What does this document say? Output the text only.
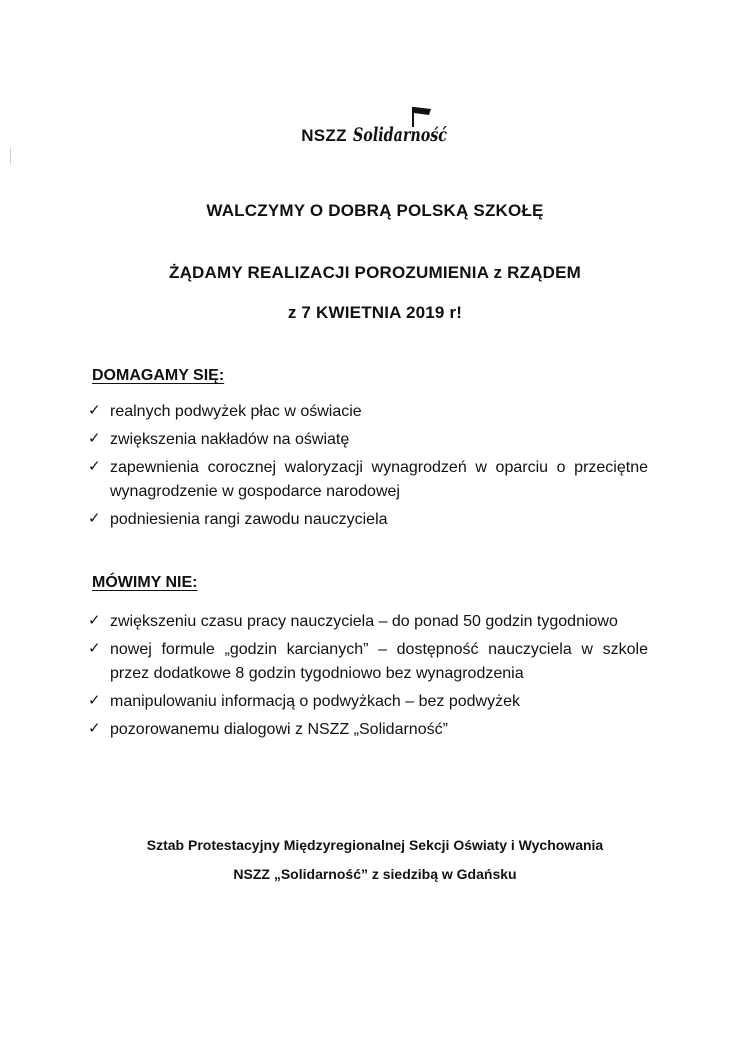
NSZZ Solidarność
WALCZYMY O DOBRĄ POLSKĄ SZKOŁĘ
ŻĄDAMY REALIZACJI POROZUMIENIA z RZĄDEM
z 7 KWIETNIA 2019 r!
DOMAGAMY SIĘ:
✓ realnych podwyżek płac w oświacie
✓ zwiększenia nakładów na oświatę
✓ zapewnienia corocznej waloryzacji wynagrodzeń w oparciu o przeciętne wynagrodzenie w gospodarce narodowej
✓ podniesienia rangi zawodu nauczyciela
MÓWIMY NIE:
✓ zwiększeniu czasu pracy nauczyciela – do ponad 50 godzin tygodniowo
✓ nowej formule „godzin karcianych” – dostępność nauczyciela w szkole przez dodatkowe 8 godzin tygodniowo bez wynagrodzenia
✓ manipulowaniu informacją o podwyżkach – bez podwyżek
✓ pozorowanemu dialogowi z NSZZ „Solidarność”
Sztab Protestacyjny Międzyregionalnej Sekcji Oświaty i Wychowania
NSZZ „Solidarność” z siedzibą w Gdańsku
